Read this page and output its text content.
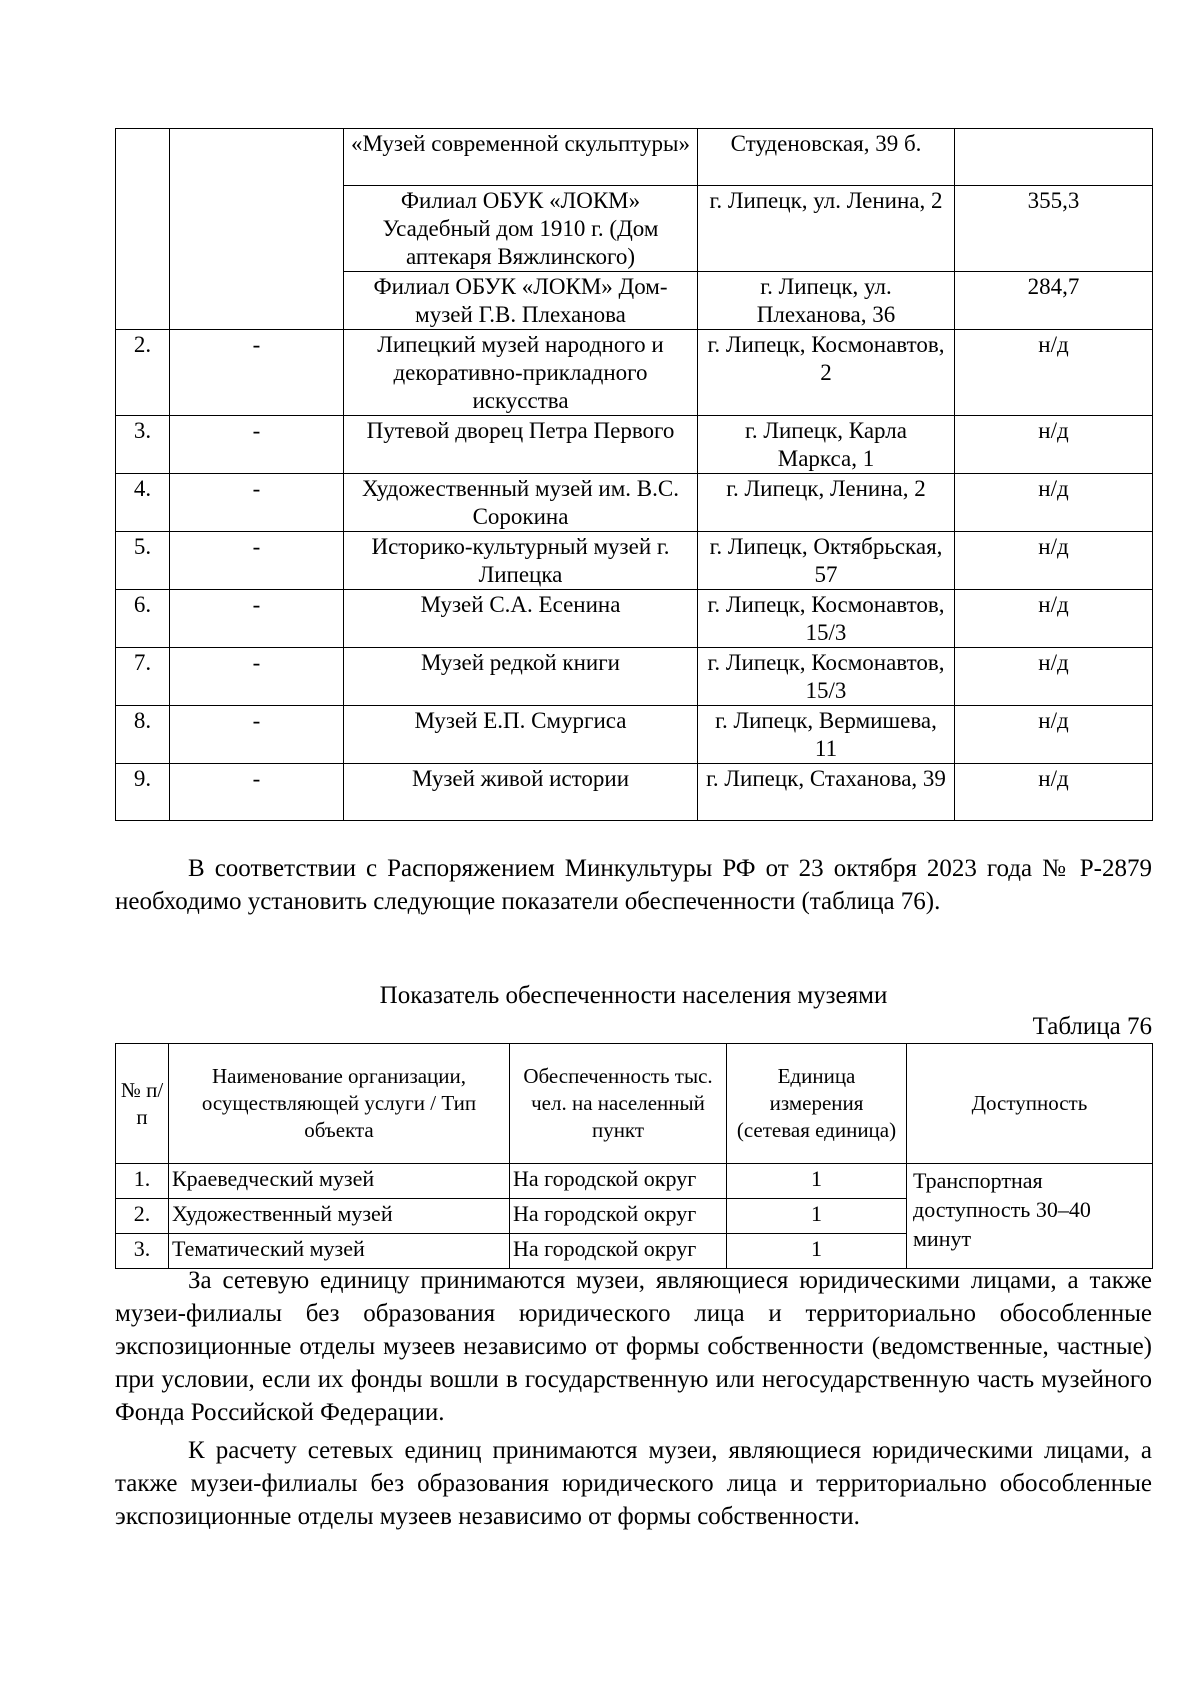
		«Музей современной скульптуры»	Студеновская, 39 б.	

		Филиал ОБУК «ЛОКМ» Усадебный дом 1910 г. (Дом аптекаря Вяжлинского)	г. Липецк, ул. Ленина, 2	355,3

		Филиал ОБУК «ЛОКМ» Дом-музей Г.В. Плеханова	г. Липецк, ул. Плеханова, 36	284,7

2.	-	Липецкий музей народного и декоративно-прикладного искусства	г. Липецк, Космонавтов, 2	н/д

3.	-	Путевой дворец Петра Первого	г. Липецк, Карла Маркса, 1	н/д

4.	-	Художественный музей им. В.С. Сорокина	г. Липецк, Ленина, 2	н/д

5.	-	Историко-культурный музей г. Липецка	г. Липецк, Октябрьская, 57	н/д

6.	-	Музей С.А. Есенина	г. Липецк, Космонавтов, 15/3	н/д

7.	-	Музей редкой книги	г. Липецк, Космонавтов, 15/3	н/д

8.	-	Музей Е.П. Смургиса	г. Липецк, Вермишева, 11	н/д

9.	-	Музей живой истории	г. Липецк, Стаханова, 39	н/д
В соответствии с Распоряжением Минкультуры РФ от 23 октября 2023 года № Р-2879 необходимо установить следующие показатели обеспеченности (таблица 76).
Показатель обеспеченности населения музеями
Таблица 76
№ п/п	Наименование организации, осуществляющей услуги / Тип объекта	Обеспеченность тыс. чел. на населенный пункт	Единица измерения (сетевая единица)	Доступность
1.	Краеведческий музей	На городской округ	1	Транспортная доступность 30–40 минут
2.	Художественный музей	На городской округ	1	
3.	Тематический музей	На городской округ	1	
За сетевую единицу принимаются музеи, являющиеся юридическими лицами, а также музеи-филиалы без образования юридического лица и территориально обособленные экспозиционные отделы музеев независимо от формы собственности (ведомственные, частные) при условии, если их фонды вошли в государственную или негосударственную часть музейного Фонда Российской Федерации.
К расчету сетевых единиц принимаются музеи, являющиеся юридическими лицами, а также музеи-филиалы без образования юридического лица и территориально обособленные экспозиционные отделы музеев независимо от формы собственности.
